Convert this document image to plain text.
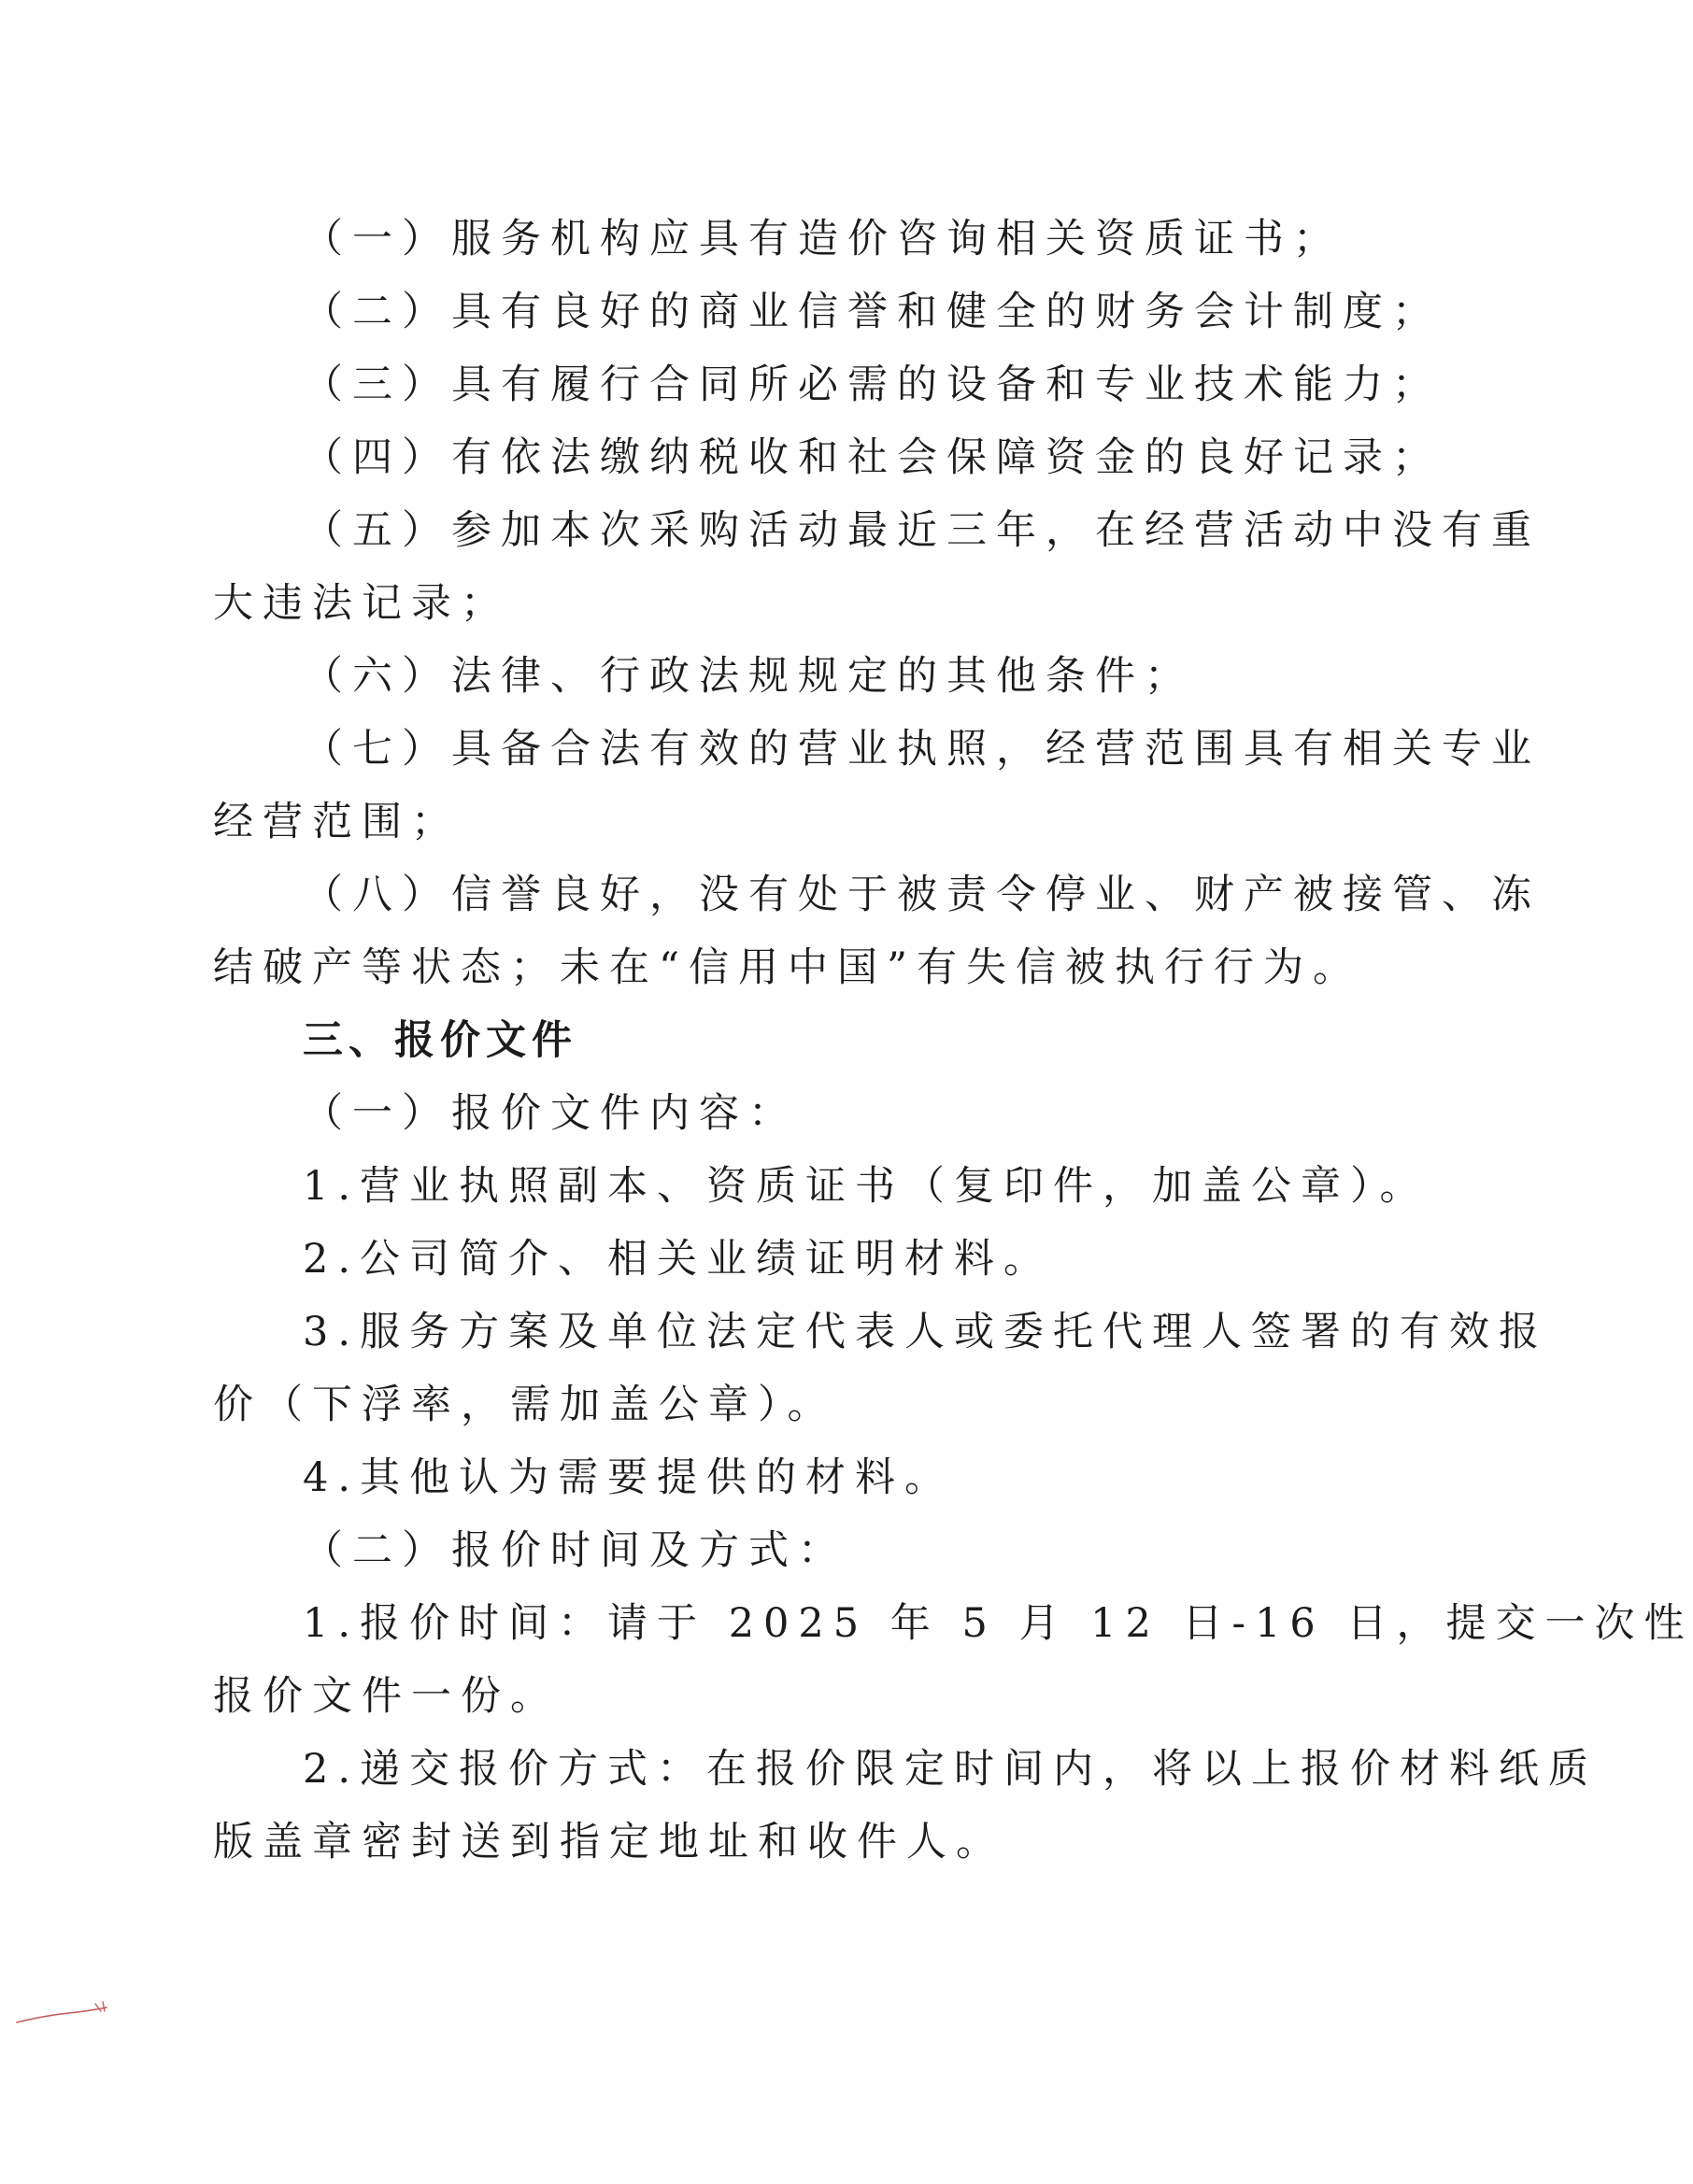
（一）服务机构应具有造价咨询相关资质证书；
（二）具有良好的商业信誉和健全的财务会计制度；
（三）具有履行合同所必需的设备和专业技术能力；
（四）有依法缴纳税收和社会保障资金的良好记录；
（五）参加本次采购活动最近三年，在经营活动中没有重
大违法记录；
（六）法律、行政法规规定的其他条件；
（七）具备合法有效的营业执照，经营范围具有相关专业
经营范围；
（八）信誉良好，没有处于被责令停业、财产被接管、冻
结破产等状态；未在“信用中国”有失信被执行行为。
三、报价文件
（一）报价文件内容：
1.营业执照副本、资质证书（复印件，加盖公章）。
2.公司简介、相关业绩证明材料。
3.服务方案及单位法定代表人或委托代理人签署的有效报
价（下浮率，需加盖公章）。
4.其他认为需要提供的材料。
（二）报价时间及方式：
1.报价时间：请于 2025 年 5 月 12 日-16 日，提交一次性
报价文件一份。
2.递交报价方式：在报价限定时间内，将以上报价材料纸质
版盖章密封送到指定地址和收件人。
